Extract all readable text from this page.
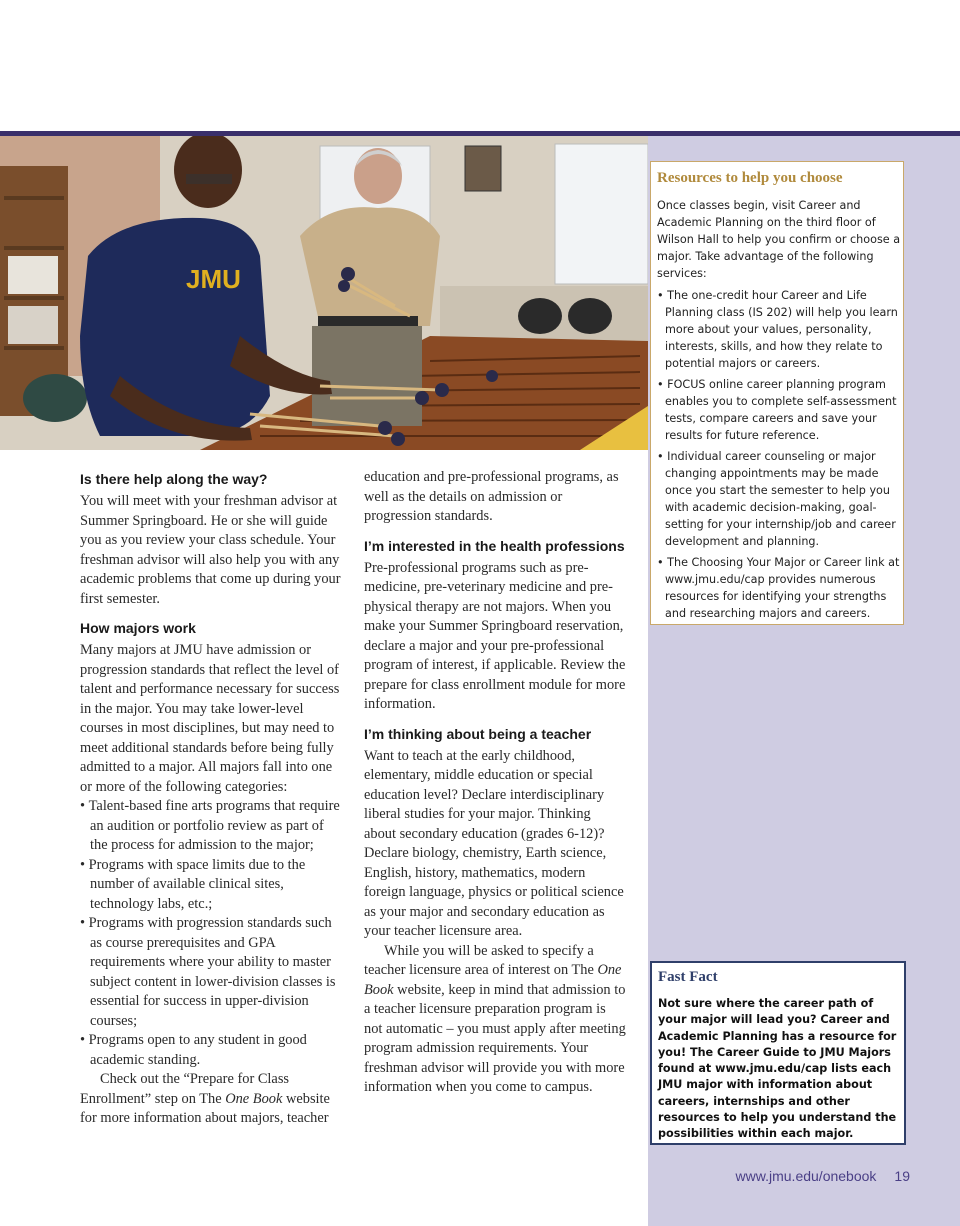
JMU
Is there help along the way?

You will meet with your freshman advisor at Summer Springboard. He or she will guide you as you review your class schedule. Your freshman advisor will also help you with any academic problems that come up during your first semester.

How majors work

Many majors at JMU have admission or progression standards that reflect the level of talent and performance necessary for success in the major. You may take lower-level courses in most disciplines, but may need to meet additional standards before being fully admitted to a major. All majors fall into one or more of the following categories:

• Talent-based fine arts programs that require an audition or portfolio review as part of the process for admission to the major;
• Programs with space limits due to the number of available clinical sites, technology labs, etc.;
• Programs with progression standards such as course prerequisites and GPA requirements where your ability to master subject content in lower-division classes is essential for success in upper-division courses;
• Programs open to any student in good academic standing.

Check out the “Prepare for Class Enrollment” step on The One Book website for more information about majors, teacher

education and pre-professional programs, as well as the details on admission or progression standards.

I’m interested in the health professions

Pre-professional programs such as pre-medicine, pre-veterinary medicine and pre-physical therapy are not majors. When you make your Summer Springboard reservation, declare a major and your pre-professional program of interest, if applicable. Review the prepare for class enrollment module for more information.

I’m thinking about being a teacher

Want to teach at the early childhood, elementary, middle education or special education level? Declare interdisciplinary liberal studies for your major. Thinking about secondary education (grades 6-12)? Declare biology, chemistry, Earth science, English, history, mathematics, modern foreign language, physics or political science as your major and secondary education as your teacher licensure area.

While you will be asked to specify a teacher licensure area of interest on The One Book website, keep in mind that admission to a teacher licensure preparation program is not automatic – you must apply after meeting program admission requirements. Your freshman advisor will provide you with more information when you come to campus.

Resources to help you choose

Once classes begin, visit Career and Academic Planning on the third floor of Wilson Hall to help you confirm or choose a major. Take advantage of the following services:

• The one-credit hour Career and Life Planning class (IS 202) will help you learn more about your values, personality, interests, skills, and how they relate to potential majors or careers.
• FOCUS online career planning program enables you to complete self-assessment tests, compare careers and save your results for future reference.
• Individual career counseling or major changing appointments may be made once you start the semester to help you with academic decision-making, goal-setting for your internship/job and career development and planning.
• The Choosing Your Major or Career link at www.jmu.edu/cap provides numerous resources for identifying your strengths and researching majors and careers.
Fast Fact

Not sure where the career path of your major will lead you? Career and Academic Planning has a resource for you! The Career Guide to JMU Majors found at www.jmu.edu/cap lists each JMU major with information about careers, internships and other resources to help you understand the possibilities within each major.

www.jmu.edu/onebook 19
